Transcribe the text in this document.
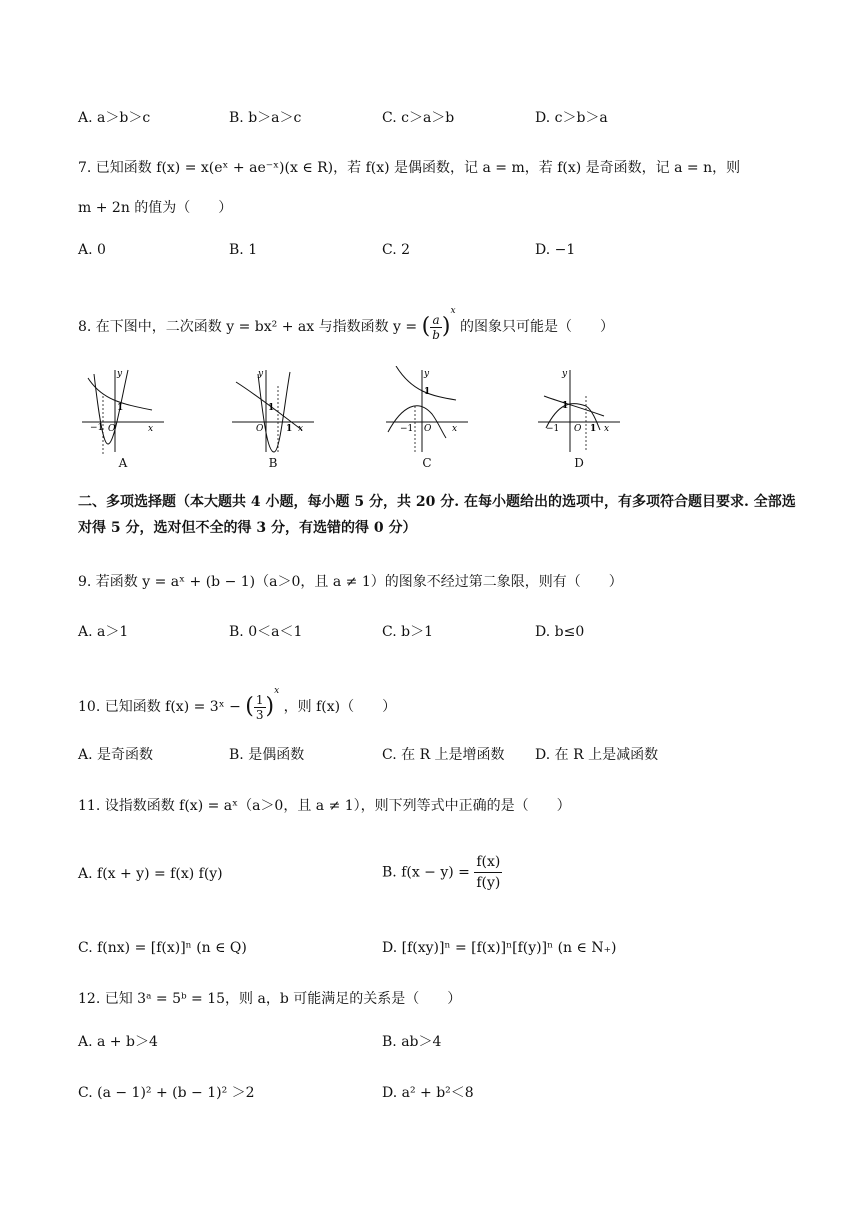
A. a＞b＞c	B. b＞a＞c	C. c＞a＞b	D. c＞b＞a
7. 已知函数 f(x) = x(eˣ + ae⁻ˣ)(x ∈ R)，若 f(x) 是偶函数，记 a = m，若 f(x) 是奇函数，记 a = n，则
m + 2n 的值为（　　）
A. 0	B. 1	C. 2	D. −1
8. 在下图中，二次函数 y = bx² + ax 与指数函数 y = ( $\frac{a}{b} )^x$ 的图象只可能是（　　）
1
−1 O	x
y
1
O	1 x
y
1
−1 O x
y
1
−1 O 1 x
y
A	B	C	D
二、多项选择题（本大题共 4 小题，每小题 5 分，共 20 分. 在每小题给出的选项中，有多项符合题目要求. 全部选对得 5 分，选对但不全的得 3 分，有选错的得 0 分）
9. 若函数 y = aˣ + (b − 1)（a＞0，且 a ≠ 1）的图象不经过第二象限，则有（　　）
A. a＞1	B. 0＜a＜1	C. b＞1	D. b≤0
10. 已知函数 f(x) = 3ˣ − ( $\frac{1}{3} )^x$ ，则 f(x)（　　）
A. 是奇函数	B. 是偶函数	C. 在 R 上是增函数 D. 在 R 上是减函数
11. 设指数函数 f(x) = aˣ（a＞0，且 a ≠ 1），则下列等式中正确的是（　　）
A. f(x + y) = f(x) f(y)	B. $f(x - y) = \frac{f(x)}{f(y)}$
C. f(nx) = [f(x)]ⁿ (n ∈ Q)	D. [f(xy)]ⁿ = [f(x)]ⁿ[f(y)]ⁿ (n ∈ N₊)
12. 已知 3ᵃ = 5ᵇ = 15，则 a，b 可能满足的关系是（　　）
A. a + b＞4	B. ab＞4
C. (a − 1)² + (b − 1)² ＞2	D. a² + b²＜8
